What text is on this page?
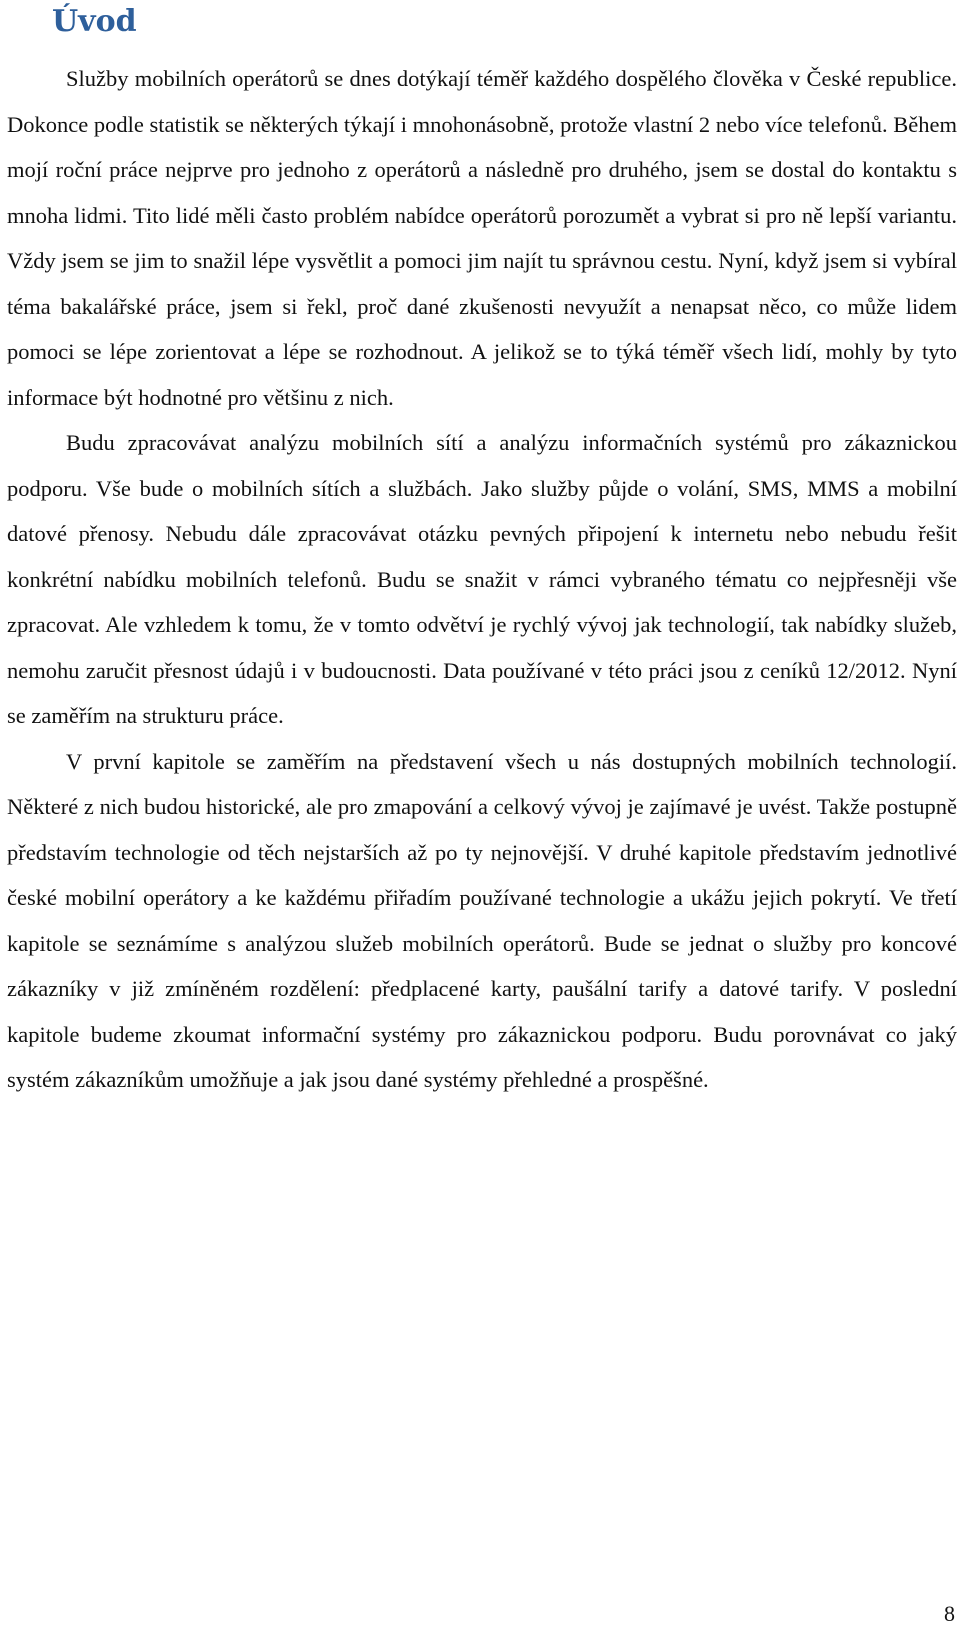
Úvod

Služby mobilních operátorů se dnes dotýkají téměř každého dospělého člověka v České republice. Dokonce podle statistik se některých týkají i mnohonásobně, protože vlastní 2 nebo více telefonů. Během mojí roční práce nejprve pro jednoho z operátorů a následně pro druhého, jsem se dostal do kontaktu s mnoha lidmi. Tito lidé měli často problém nabídce operátorů porozumět a vybrat si pro ně lepší variantu. Vždy jsem se jim to snažil lépe vysvětlit a pomoci jim najít tu správnou cestu. Nyní, když jsem si vybíral téma bakalářské práce, jsem si řekl, proč dané zkušenosti nevyužít a nenapsat něco, co může lidem pomoci se lépe zorientovat a lépe se rozhodnout. A jelikož se to týká téměř všech lidí, mohly by tyto informace být hodnotné pro většinu z nich.

Budu zpracovávat analýzu mobilních sítí a analýzu informačních systémů pro zákaznickou podporu. Vše bude o mobilních sítích a službách. Jako služby půjde o volání, SMS, MMS a mobilní datové přenosy. Nebudu dále zpracovávat otázku pevných připojení k internetu nebo nebudu řešit konkrétní nabídku mobilních telefonů. Budu se snažit v rámci vybraného tématu co nejpřesněji vše zpracovat. Ale vzhledem k tomu, že v tomto odvětví je rychlý vývoj jak technologií, tak nabídky služeb, nemohu zaručit přesnost údajů i v budoucnosti. Data používané v této práci jsou z ceníků 12/2012. Nyní se zaměřím na strukturu práce.

V první kapitole se zaměřím na představení všech u nás dostupných mobilních technologií. Některé z nich budou historické, ale pro zmapování a celkový vývoj je zajímavé je uvést. Takže postupně představím technologie od těch nejstarších až po ty nejnovější. V druhé kapitole představím jednotlivé české mobilní operátory a ke každému přiřadím používané technologie a ukážu jejich pokrytí. Ve třetí kapitole se seznámíme s analýzou služeb mobilních operátorů. Bude se jednat o služby pro koncové zákazníky v již zmíněném rozdělení: předplacené karty, paušální tarify a datové tarify. V poslední kapitole budeme zkoumat informační systémy pro zákaznickou podporu. Budu porovnávat co jaký systém zákazníkům umožňuje a jak jsou dané systémy přehledné a prospěšné.

8
